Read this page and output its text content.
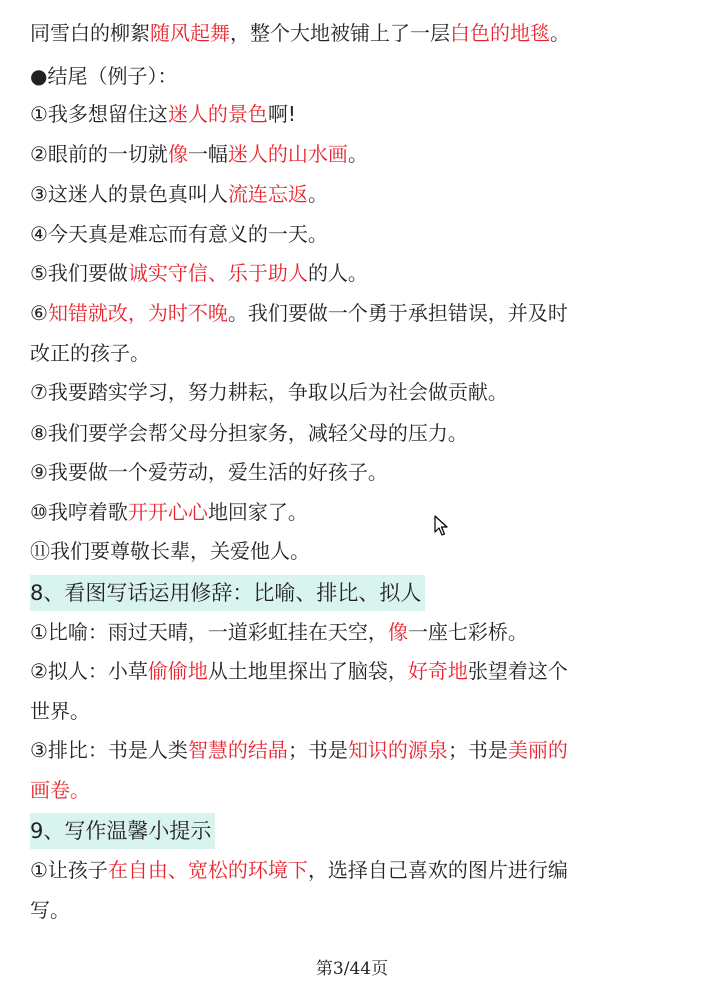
同雪白的柳絮随风起舞，整个大地被铺上了一层白色的地毯。
●结尾（例子）：
①我多想留住这迷人的景色啊!
②眼前的一切就像一幅迷人的山水画。
③这迷人的景色真叫人流连忘返。
④今天真是难忘而有意义的一天。
⑤我们要做诚实守信、乐于助人的人。
⑥知错就改，为时不晚。我们要做一个勇于承担错误，并及时
改正的孩子。
⑦我要踏实学习，努力耕耘，争取以后为社会做贡献。
⑧我们要学会帮父母分担家务，减轻父母的压力。
⑨我要做一个爱劳动，爱生活的好孩子。
⑩我哼着歌开开心心地回家了。
⑪我们要尊敬长辈，关爱他人。
8、看图写话运用修辞：比喻、排比、拟人
①比喻：雨过天晴，一道彩虹挂在天空，像一座七彩桥。
②拟人：小草偷偷地从土地里探出了脑袋，好奇地张望着这个
世界。
③排比：书是人类智慧的结晶；书是知识的源泉；书是美丽的
画卷。
9、写作温馨小提示
①让孩子在自由、宽松的环境下，选择自己喜欢的图片进行编
写。
第3/44页
